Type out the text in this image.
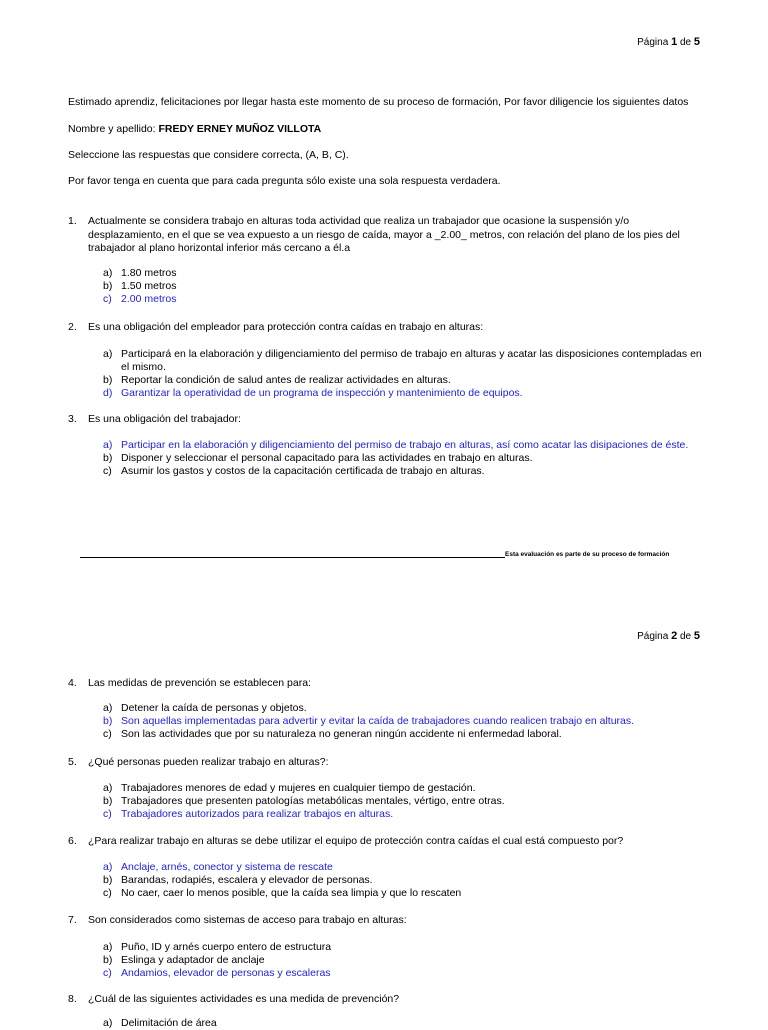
Página 1 de 5
Estimado aprendiz, felicitaciones por llegar hasta este momento de su proceso de formación, Por favor diligencie los siguientes datos
Nombre y apellido: FREDY ERNEY MUÑOZ VILLOTA
Seleccione las respuestas que considere correcta, (A, B, C).
Por favor tenga en cuenta que para cada pregunta sólo existe una sola respuesta verdadera.
1. Actualmente se considera trabajo en alturas toda actividad que realiza un trabajador que ocasione la suspensión y/o desplazamiento, en el que se vea expuesto a un riesgo de caída, mayor a _2.00_ metros, con relación del plano de los pies del trabajador al plano horizontal inferior más cercano a él.a
a) 1.80 metros
b) 1.50 metros
c) 2.00 metros
2. Es una obligación del empleador para protección contra caídas en trabajo en alturas:
a) Participará en la elaboración y diligenciamiento del permiso de trabajo en alturas y acatar las disposiciones contempladas en el mismo.
b) Reportar la condición de salud antes de realizar actividades en alturas.
d) Garantizar la operatividad de un programa de inspección y mantenimiento de equipos.
3. Es una obligación del trabajador:
a) Participar en la elaboración y diligenciamiento del permiso de trabajo en alturas, así como acatar las disipaciones de éste.
b) Disponer y seleccionar el personal capacitado para las actividades en trabajo en alturas.
c) Asumir los gastos y costos de la capacitación certificada de trabajo en alturas.
Esta evaluación es parte de su proceso de formación
Página 2 de 5
4. Las medidas de prevención se establecen para:
a) Detener la caída de personas y objetos.
b) Son aquellas implementadas para advertir y evitar la caída de trabajadores cuando realicen trabajo en alturas.
c) Son las actividades que por su naturaleza no generan ningún accidente ni enfermedad laboral.
5. ¿Qué personas pueden realizar trabajo en alturas?:
a) Trabajadores menores de edad y mujeres en cualquier tiempo de gestación.
b) Trabajadores que presenten patologías metabólicas mentales, vértigo, entre otras.
c) Trabajadores autorizados para realizar trabajos en alturas.
6. ¿Para realizar trabajo en alturas se debe utilizar el equipo de protección contra caídas el cual está compuesto por?
a) Anclaje, arnés, conector y sistema de rescate
b) Barandas, rodapiés, escalera y elevador de personas.
c) No caer, caer lo menos posible, que la caída sea limpia y que lo rescaten
7. Son considerados como sistemas de acceso para trabajo en alturas:
a) Puño, ID y arnés cuerpo entero de estructura
b) Eslinga y adaptador de anclaje
c) Andamios, elevador de personas y escaleras
8. ¿Cuál de las siguientes actividades es una medida de prevención?
a) Delimitación de área
